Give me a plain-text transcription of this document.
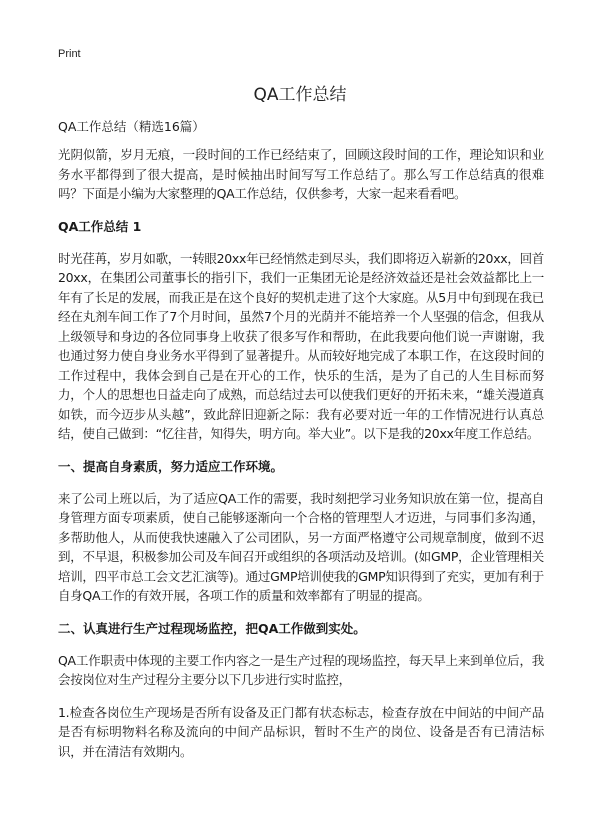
Print
QA工作总结
QA工作总结（精选16篇）

光阴似箭，岁月无痕，一段时间的工作已经结束了，回顾这段时间的工作，理论知识和业务水平都得到了很大提高，是时候抽出时间写写工作总结了。那么写工作总结真的很难吗？下面是小编为大家整理的QA工作总结，仅供参考，大家一起来看看吧。

QA工作总结 1

时光荏苒，岁月如歌，一转眼20xx年已经悄然走到尽头，我们即将迈入崭新的20xx，回首20xx，在集团公司董事长的指引下，我们一正集团无论是经济效益还是社会效益都比上一年有了长足的发展，而我正是在这个良好的契机走进了这个大家庭。从5月中旬到现在我已经在丸剂车间工作了7个月时间，虽然7个月的光荫并不能培养一个人坚强的信念，但我从上级领导和身边的各位同事身上收获了很多写作和帮助，在此我要向他们说一声谢谢，我也通过努力使自身业务水平得到了显著提升。从而较好地完成了本职工作，在这段时间的工作过程中，我体会到自己是在开心的工作，快乐的生活，是为了自己的人生目标而努力，个人的思想也日益走向了成熟，而总结过去可以使我们更好的开拓未来，“雄关漫道真如铁，而今迈步从头越”，致此辞旧迎新之际：我有必要对近一年的工作情况进行认真总结，使自己做到：“忆往昔，知得失，明方向。举大业”。以下是我的20xx年度工作总结。

一、提高自身素质，努力适应工作环境。

来了公司上班以后，为了适应QA工作的需要，我时刻把学习业务知识放在第一位，提高自身管理方面专项素质，使自己能够逐渐向一个合格的管理型人才迈进，与同事们多沟通，多帮助他人，从而使我快速融入了公司团队，另一方面严格遵守公司规章制度，做到不迟到，不早退，积极参加公司及车间召开或组织的各项活动及培训。(如GMP，企业管理相关培训，四平市总工会文艺汇演等)。通过GMP培训使我的GMP知识得到了充实，更加有利于自身QA工作的有效开展，各项工作的质量和效率都有了明显的提高。

二、认真进行生产过程现场监控，把QA工作做到实处。

QA工作职责中体现的主要工作内容之一是生产过程的现场监控，每天早上来到单位后，我会按岗位对生产过程分主要分以下几步进行实时监控，

1.检查各岗位生产现场是否所有设备及正门都有状态标志，检查存放在中间站的中间产品是否有标明物料名称及流向的中间产品标识，暂时不生产的岗位、设备是否有已清洁标识，并在清洁有效期内。
